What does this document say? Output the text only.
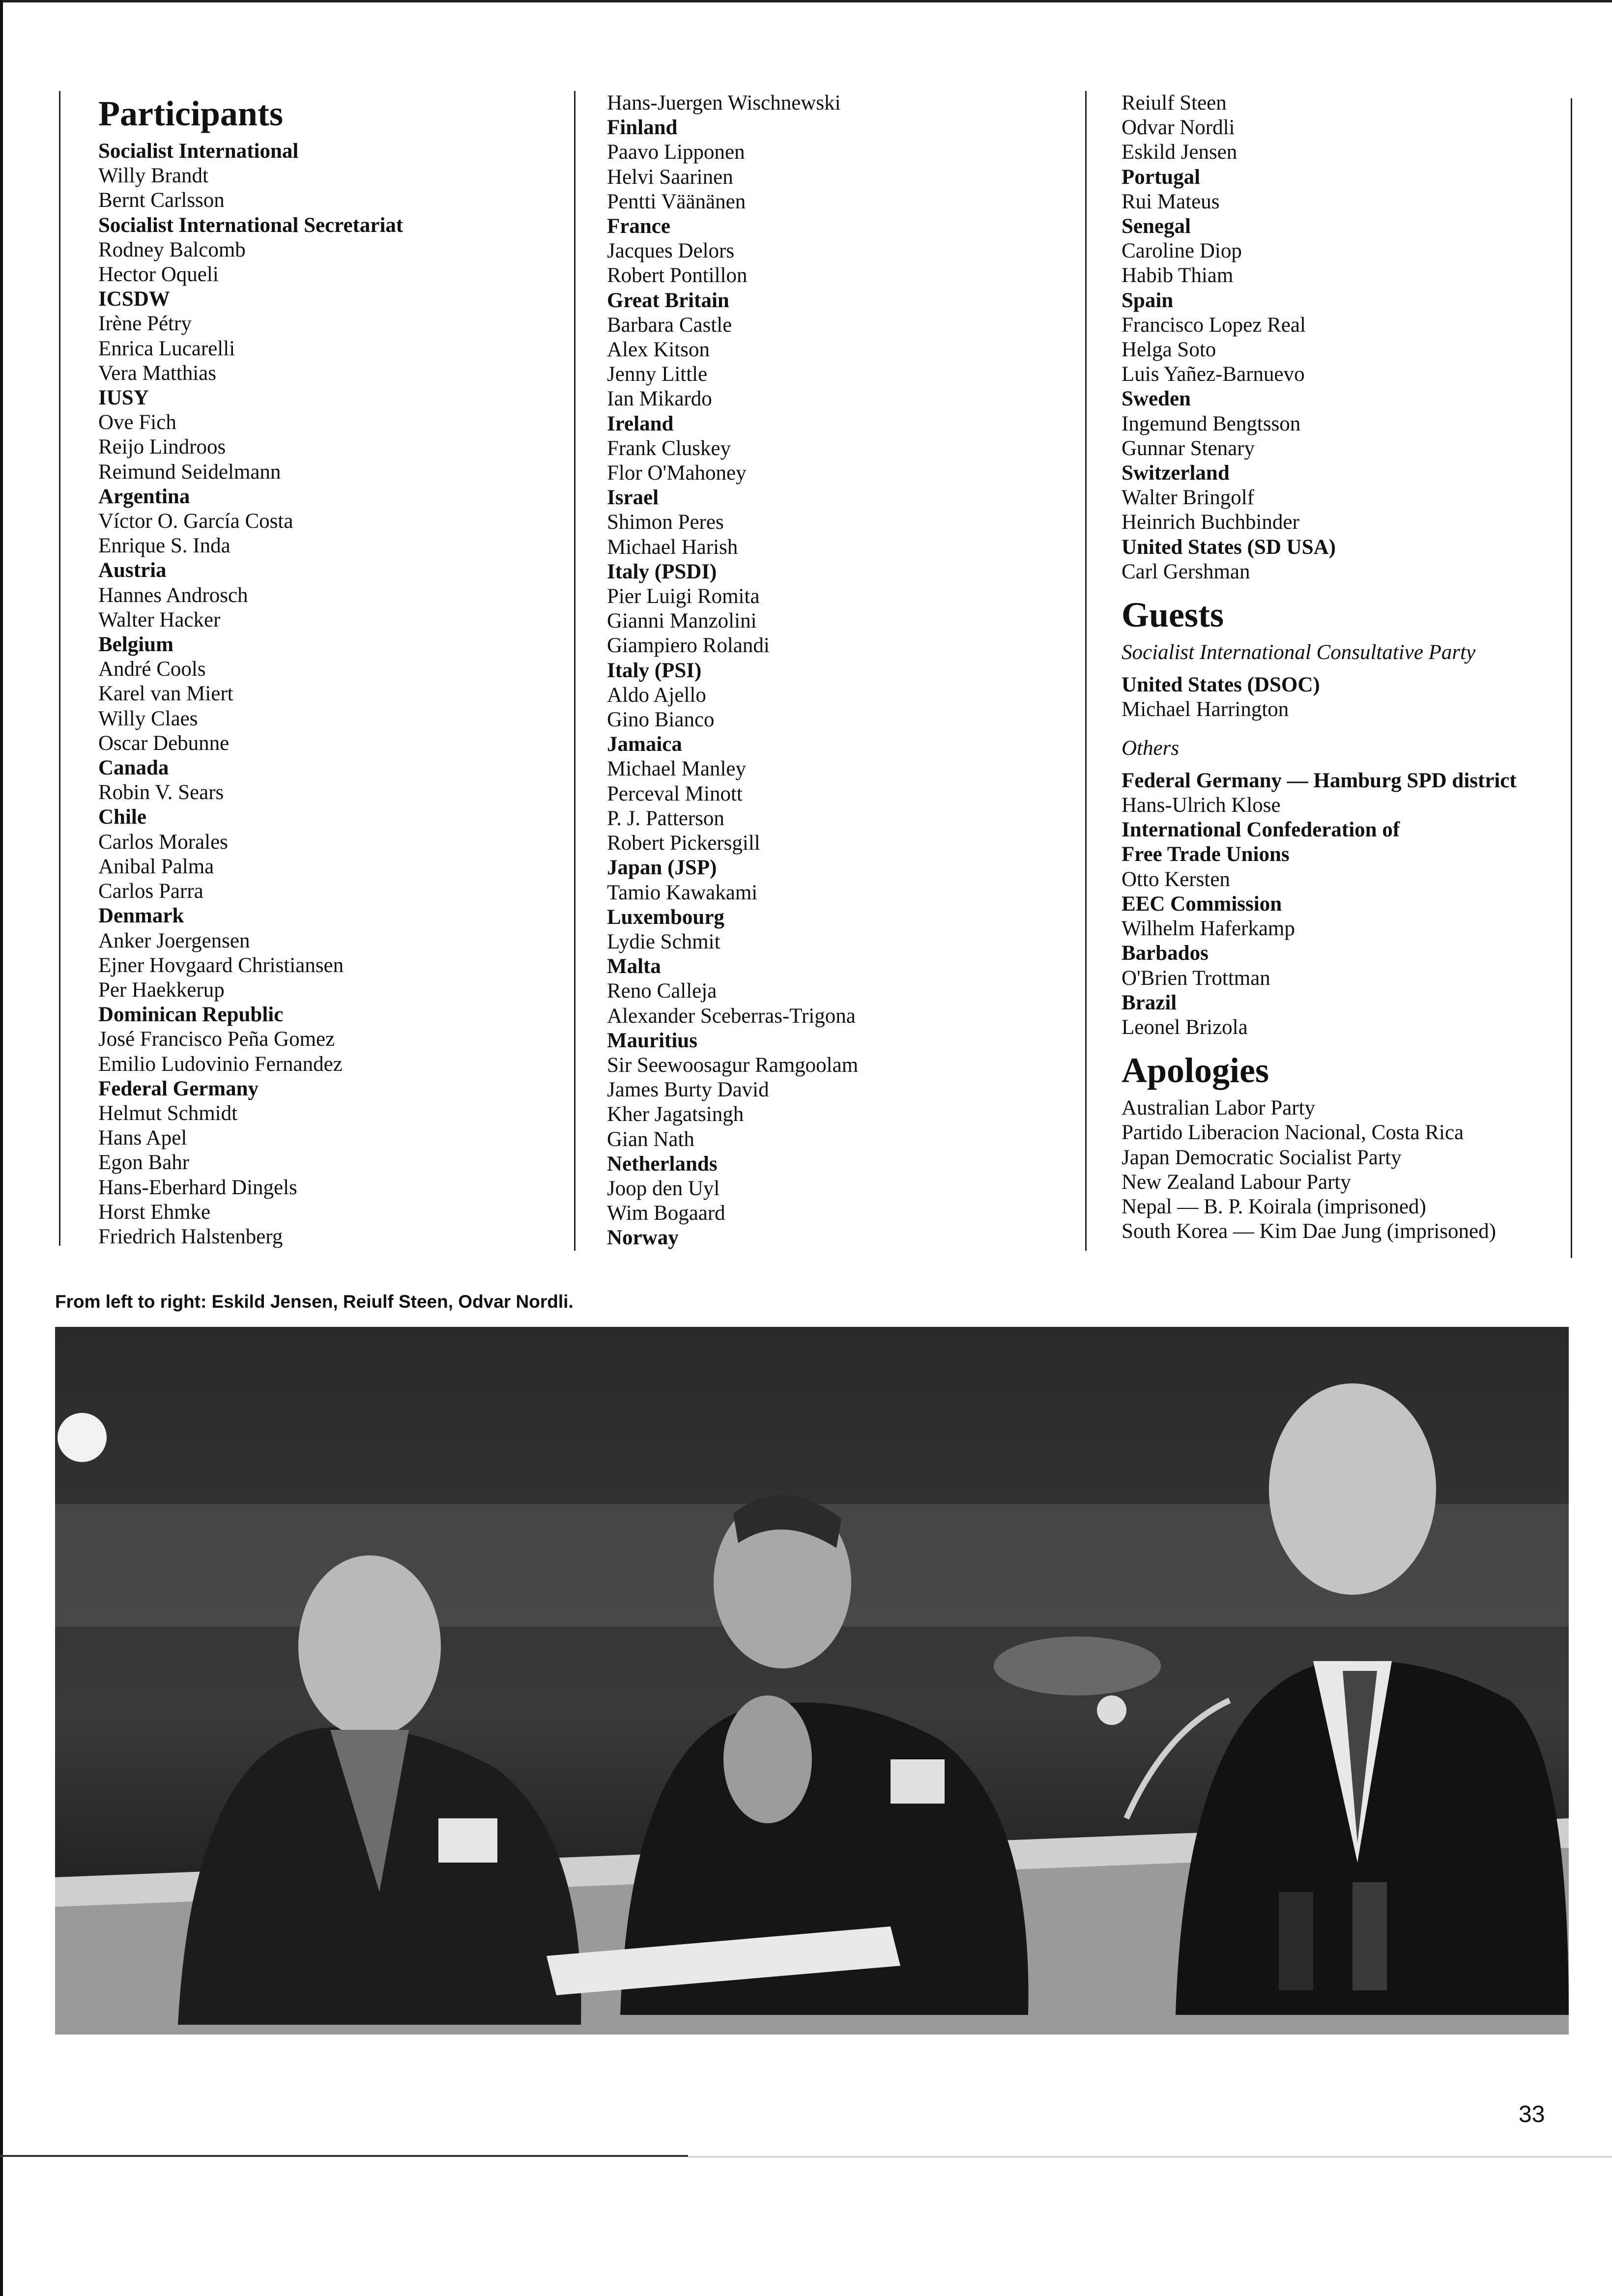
Participants
Socialist International
Willy Brandt
Bernt Carlsson
Socialist International Secretariat
Rodney Balcomb
Hector Oqueli
ICSDW
Irène Pétry
Enrica Lucarelli
Vera Matthias
IUSY
Ove Fich
Reijo Lindroos
Reimund Seidelmann
Argentina
Víctor O. García Costa
Enrique S. Inda
Austria
Hannes Androsch
Walter Hacker
Belgium
André Cools
Karel van Miert
Willy Claes
Oscar Debunne
Canada
Robin V. Sears
Chile
Carlos Morales
Anibal Palma
Carlos Parra
Denmark
Anker Joergensen
Ejner Hovgaard Christiansen
Per Haekkerup
Dominican Republic
José Francisco Peña Gomez
Emilio Ludovinio Fernandez
Federal Germany
Helmut Schmidt
Hans Apel
Egon Bahr
Hans-Eberhard Dingels
Horst Ehmke
Friedrich Halstenberg
Hans-Juergen Wischnewski
Finland
Paavo Lipponen
Helvi Saarinen
Pentti Väänänen
France
Jacques Delors
Robert Pontillon
Great Britain
Barbara Castle
Alex Kitson
Jenny Little
Ian Mikardo
Ireland
Frank Cluskey
Flor O'Mahoney
Israel
Shimon Peres
Michael Harish
Italy (PSDI)
Pier Luigi Romita
Gianni Manzolini
Giampiero Rolandi
Italy (PSI)
Aldo Ajello
Gino Bianco
Jamaica
Michael Manley
Perceval Minott
P. J. Patterson
Robert Pickersgill
Japan (JSP)
Tamio Kawakami
Luxembourg
Lydie Schmit
Malta
Reno Calleja
Alexander Sceberras-Trigona
Mauritius
Sir Seewoosagur Ramgoolam
James Burty David
Kher Jagatsingh
Gian Nath
Netherlands
Joop den Uyl
Wim Bogaard
Norway
Reiulf Steen
Odvar Nordli
Eskild Jensen
Portugal
Rui Mateus
Senegal
Caroline Diop
Habib Thiam
Spain
Francisco Lopez Real
Helga Soto
Luis Yañez-Barnuevo
Sweden
Ingemund Bengtsson
Gunnar Stenary
Switzerland
Walter Bringolf
Heinrich Buchbinder
United States (SD USA)
Carl Gershman
Guests
Socialist International Consultative Party
United States (DSOC)
Michael Harrington
Others
Federal Germany — Hamburg SPD district
Hans-Ulrich Klose
International Confederation of
Free Trade Unions
Otto Kersten
EEC Commission
Wilhelm Haferkamp
Barbados
O'Brien Trottman
Brazil
Leonel Brizola
Apologies
Australian Labor Party
Partido Liberacion Nacional, Costa Rica
Japan Democratic Socialist Party
New Zealand Labour Party
Nepal — B. P. Koirala (imprisoned)
South Korea — Kim Dae Jung (imprisoned)
From left to right: Eskild Jensen, Reiulf Steen, Odvar Nordli.
33
